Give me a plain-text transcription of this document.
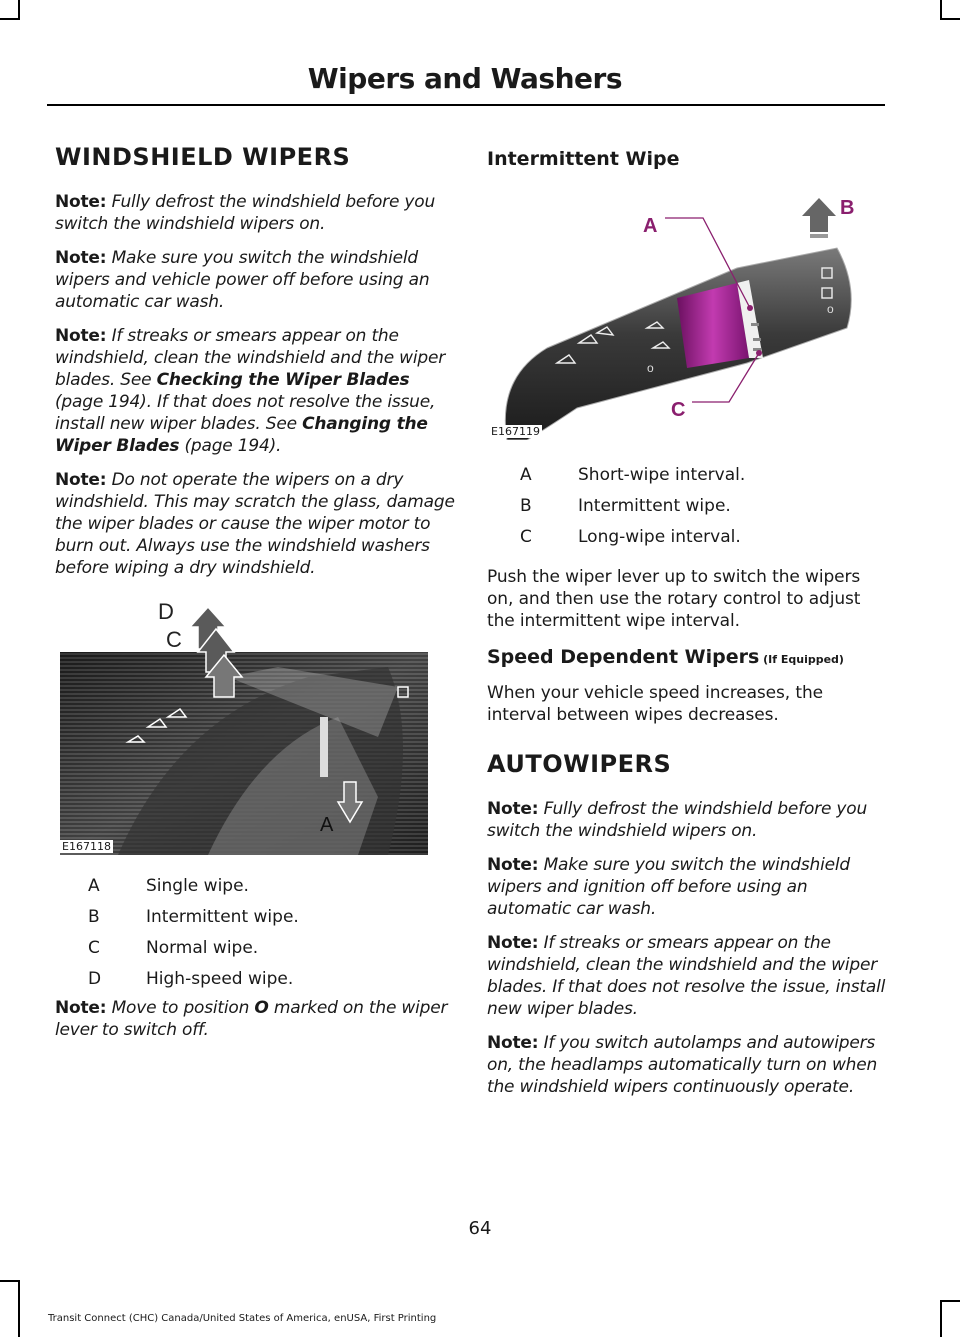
Wipers and Washers
WINDSHIELD WIPERS

Note: Fully defrost the windshield before you switch the windshield wipers on.

Note: Make sure you switch the windshield wipers and vehicle power off before using an automatic car wash.

Note: If streaks or smears appear on the windshield, clean the windshield and the wiper blades. See Checking the Wiper Blades (page 194). If that does not resolve the issue, install new wiper blades. See Changing the Wiper Blades (page 194).

Note: Do not operate the wipers on a dry windshield. This may scratch the glass, damage the wiper blades or cause the wiper motor to burn out. Always use the windshield washers before wiping a dry windshield.

D
C
A
E167118
A	Single wipe.
B	Intermittent wipe.
C	Normal wipe.
D	High-speed wipe.

Note: Move to position O marked on the wiper lever to switch off.

Intermittent Wipe
o
o
A
B
C
E167119
A	Short-wipe interval.
B	Intermittent wipe.
C	Long-wipe interval.

Push the wiper lever up to switch the wipers on, and then use the rotary control to adjust the intermittent wipe interval.

Speed Dependent Wipers (If Equipped)

When your vehicle speed increases, the interval between wipes decreases.

AUTOWIPERS

Note: Fully defrost the windshield before you switch the windshield wipers on.

Note: Make sure you switch the windshield wipers and ignition off before using an automatic car wash.

Note: If streaks or smears appear on the windshield, clean the windshield and the wiper blades. If that does not resolve the issue, install new wiper blades.

Note: If you switch autolamps and autowipers on, the headlamps automatically turn on when the windshield wipers continuously operate.

64
Transit Connect (CHC) Canada/United States of America, enUSA, First Printing
